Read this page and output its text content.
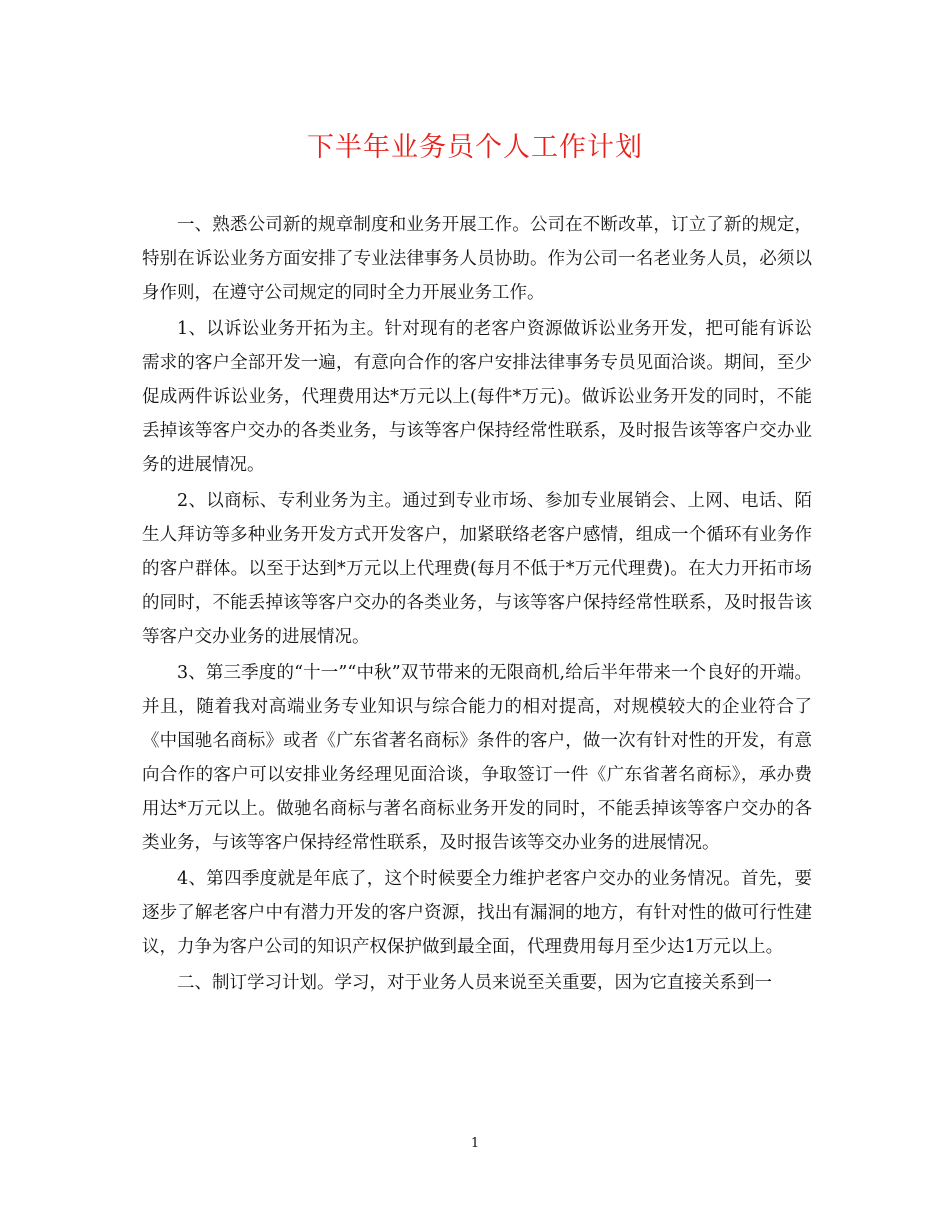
下半年业务员个人工作计划

一、熟悉公司新的规章制度和业务开展工作。公司在不断改革，订立了新的规定，特别在诉讼业务方面安排了专业法律事务人员协助。作为公司一名老业务人员，必须以身作则，在遵守公司规定的同时全力开展业务工作。

1、以诉讼业务开拓为主。针对现有的老客户资源做诉讼业务开发，把可能有诉讼需求的客户全部开发一遍，有意向合作的客户安排法律事务专员见面洽谈。期间，至少促成两件诉讼业务，代理费用达*万元以上(每件*万元)。做诉讼业务开发的同时，不能丢掉该等客户交办的各类业务，与该等客户保持经常性联系，及时报告该等客户交办业务的进展情况。

2、以商标、专利业务为主。通过到专业市场、参加专业展销会、上网、电话、陌生人拜访等多种业务开发方式开发客户，加紧联络老客户感情，组成一个循环有业务作的客户群体。以至于达到*万元以上代理费(每月不低于*万元代理费)。在大力开拓市场的同时，不能丢掉该等客户交办的各类业务，与该等客户保持经常性联系，及时报告该等客户交办业务的进展情况。

3、第三季度的“十一”“中秋”双节带来的无限商机,给后半年带来一个良好的开端。并且，随着我对高端业务专业知识与综合能力的相对提高，对规模较大的企业符合了《中国驰名商标》或者《广东省著名商标》条件的客户，做一次有针对性的开发，有意向合作的客户可以安排业务经理见面洽谈，争取签订一件《广东省著名商标》，承办费用达*万元以上。做驰名商标与著名商标业务开发的同时，不能丢掉该等客户交办的各类业务，与该等客户保持经常性联系，及时报告该等交办业务的进展情况。

4、第四季度就是年底了，这个时候要全力维护老客户交办的业务情况。首先，要逐步了解老客户中有潜力开发的客户资源，找出有漏洞的地方，有针对性的做可行性建议，力争为客户公司的知识产权保护做到最全面，代理费用每月至少达1万元以上。

二、制订学习计划。学习，对于业务人员来说至关重要，因为它直接关系到一

1
